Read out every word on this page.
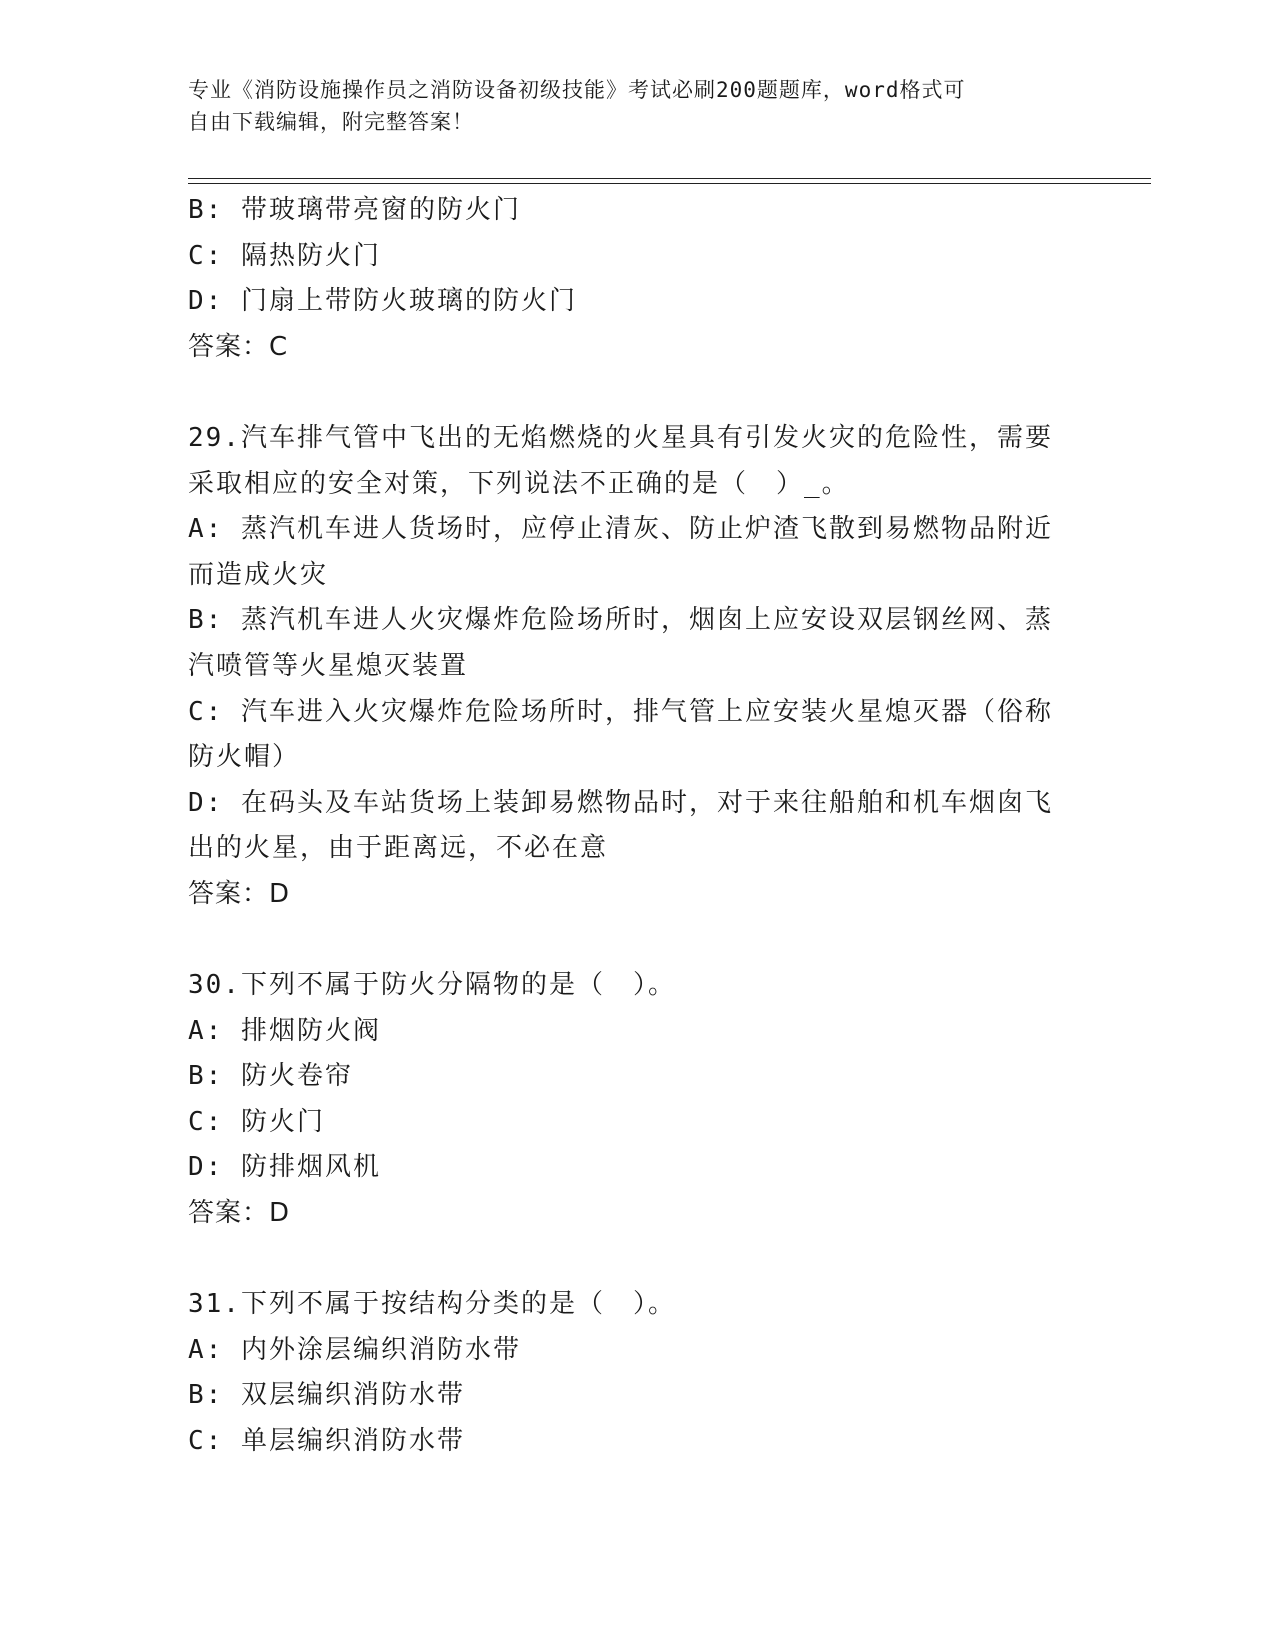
专业《消防设施操作员之消防设备初级技能》考试必刷200题题库，word格式可
自由下载编辑，附完整答案！
B: 带玻璃带亮窗的防火门
C: 隔热防火门
D: 门扇上带防火玻璃的防火门
答案：C
29.汽车排气管中飞出的无焰燃烧的火星具有引发火灾的危险性，需要
采取相应的安全对策，下列说法不正确的是（　）_。
A: 蒸汽机车进人货场时，应停止清灰、防止炉渣飞散到易燃物品附近
而造成火灾
B: 蒸汽机车进人火灾爆炸危险场所时，烟囱上应安设双层钢丝网、蒸
汽喷管等火星熄灭装置
C: 汽车进入火灾爆炸危险场所时，排气管上应安装火星熄灭器（俗称
防火帽）
D: 在码头及车站货场上装卸易燃物品时，对于来往船舶和机车烟囱飞
出的火星，由于距离远，不必在意
答案：D
30.下列不属于防火分隔物的是（　）。
A: 排烟防火阀
B: 防火卷帘
C: 防火门
D: 防排烟风机
答案：D
31.下列不属于按结构分类的是（　）。
A: 内外涂层编织消防水带
B: 双层编织消防水带
C: 单层编织消防水带
